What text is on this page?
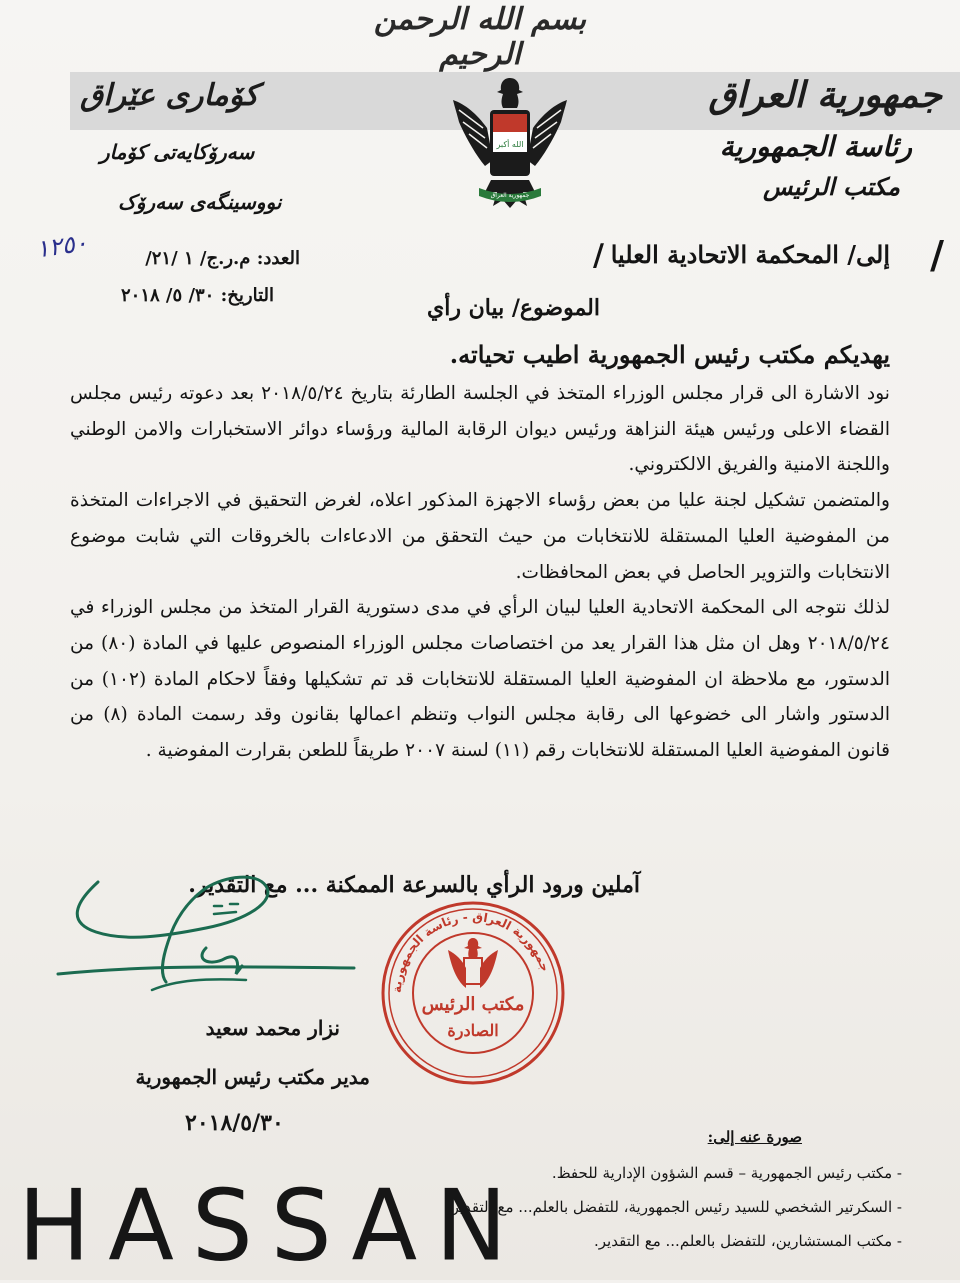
بسم الله الرحمن الرحيم
جمهورية العراق
كۆماری عێراق
رئاسة الجمهورية
مكتب الرئيس
سەرۆکایەتی کۆمار
نووسینگەی سەرۆک
الله أكبر
جمهورية العراق
إلى/ المحكمة الاتحادية العليا /
/
العدد: م.ر.ج/ ١ /٢١/
١٢٥٠
التاريخ: ٣٠/ ٥/ ٢٠١٨	الموضوع/ بيان رأي
يهديكم مكتب رئيس الجمهورية اطيب تحياته.

نود الاشارة الى قرار مجلس الوزراء المتخذ في الجلسة الطارئة بتاريخ ٢٠١٨/٥/٢٤ بعد دعوته رئيس مجلس القضاء الاعلى ورئيس هيئة النزاهة ورئيس ديوان الرقابة المالية ورؤساء دوائر الاستخبارات والامن الوطني واللجنة الامنية والفريق الالكتروني.

والمتضمن تشكيل لجنة عليا من بعض رؤساء الاجهزة المذكور اعلاه، لغرض التحقيق في الاجراءات المتخذة من المفوضية العليا المستقلة للانتخابات من حيث التحقق من الادعاءات بالخروقات التي شابت موضوع الانتخابات والتزوير الحاصل في بعض المحافظات.

لذلك نتوجه الى المحكمة الاتحادية العليا لبيان الرأي في مدى دستورية القرار المتخذ من مجلس الوزراء في ٢٠١٨/٥/٢٤ وهل ان مثل هذا القرار يعد من اختصاصات مجلس الوزراء المنصوص عليها في المادة (٨٠) من الدستور، مع ملاحظة ان المفوضية العليا المستقلة للانتخابات قد تم تشكيلها وفقاً لاحكام المادة (١٠٢) من الدستور واشار الى خضوعها الى رقابة مجلس النواب وتنظم اعمالها بقانون وقد رسمت المادة (٨) من قانون المفوضية العليا المستقلة للانتخابات رقم (١١) لسنة ٢٠٠٧ طريقاً للطعن بقرارت المفوضية .

آملين ورود الرأي بالسرعة الممكنة ... مع التقدير.
نزار محمد سعيد
مدير مكتب رئيس الجمهورية
٢٠١٨/٥/٣٠
جمهورية العراق - رئاسة الجمهورية
مكتب الرئيس
الصادرة
صورة عنه إلى:
- مكتب رئيس الجمهورية – قسم الشؤون الإدارية للحفظ.
- السكرتير الشخصي للسيد رئيس الجمهورية، للتفضل بالعلم... مع التقدير.
- مكتب المستشارين، للتفضل بالعلم... مع التقدير.
HASSAN
